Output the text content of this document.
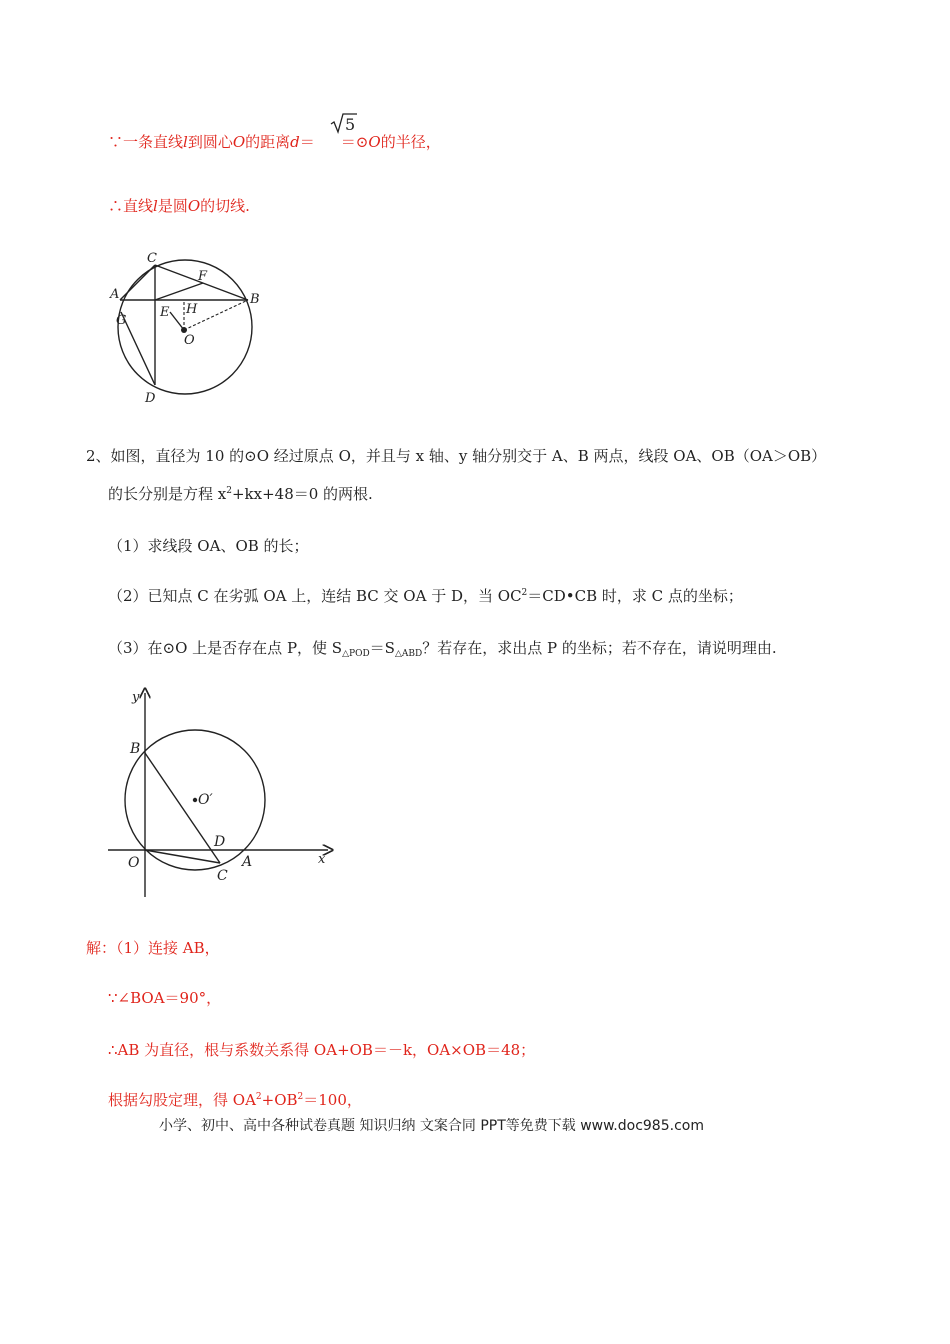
∵一条直线l到圆心O的距离d＝ ＝⊙O的半径，
5
∴直线l是圆O的切线.
C
F
A	B
G
E H
O
D
2、如图，直径为 10 的⊙O 经过原点 O，并且与 x 轴、y 轴分别交于 A、B 两点，线段 OA、OB（OA＞OB）
的长分别是方程 $x^2+kx+48=0$ 的两根.
（1）求线段 OA、OB 的长；
（2）已知点 C 在劣弧 OA 上，连结 BC 交 OA 于 D，当 $OC^2=CD•CB$ 时，求 C 点的坐标；
（3）在⊙O 上是否存在点 P，使 $S_{\triangle POD}=S_{\triangle ABD}$？若存在，求出点 P 的坐标；若不存在，请说明理由.
y
x
B
O′
D
O	A
C
解：（1）连接 AB，
∵∠BOA＝90°，
∴AB 为直径，根与系数关系得 OA+OB＝－k，OA×OB＝48；
根据勾股定理，得 $OA^2+OB^2=100$，
小学、初中、高中各种试卷真题 知识归纳 文案合同 PPT等免费下载 www.doc985.com
